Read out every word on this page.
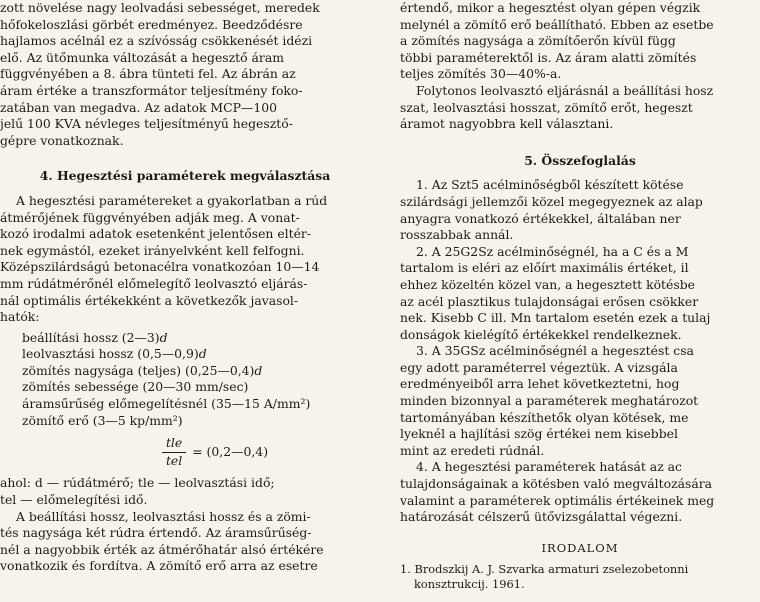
zott növelése nagy leolvadási sebességet, meredek
hőfokeloszlási görbét eredményez. Beedződésre
hajlamos acélnál ez a szívósság csökkenését idézi
elő. Az ütőmunka változását a hegesztő áram
függvényében a 8. ábra tünteti fel. Az ábrán az
áram értéke a transzformátor teljesítmény foko-
zatában van megadva. Az adatok MCP—100
jelű 100 KVA névleges teljesítményű hegesztő-
gépre vonatkoznak.

4. Hegesztési paraméterek megválasztása

A hegesztési paramétereket a gyakorlatban a rúd
átmérőjének függvényében adják meg. A vonat-
kozó irodalmi adatok esetenként jelentősen eltér-
nek egymástól, ezeket irányelvként kell felfogni.
Középszilárdságú betonacélra vonatkozóan 10—14
mm rúdátmérőnél előmelegítő leolvasztó eljárás-
nál optimális értékekként a következők javasol-
hatók:

beállítási hossz (2—3)d
leolvasztási hossz (0,5—0,9)d
zömítés nagysága (teljes) (0,25—0,4)d
zömítés sebessége (20—30 mm/sec)
áramsűrűség előmegelítésnél (35—15 A/mm²)
zömítő erő (3—5 kp/mm²)
$\frac{\text{tle}}{\text{tel}}$ = (0,2—0,4)

ahol: d — rúdátmérő; tle — leolvasztási idő;
tel — előmelegítési idő.

A beállítási hossz, leolvasztási hossz és a zömi-
tés nagysága két rúdra értendő. Az áramsűrűség-
nél a nagyobbik érték az átmérőhatár alsó értékére
vonatkozik és fordítva. A zömítő erő arra az esetre

értendő, mikor a hegesztést olyan gépen végzik
melynél a zömítő erő beállítható. Ebben az esetbe
a zömítés nagysága a zömítőerőn kívül függ
többi paraméterektől is. Az áram alatti zömítés
teljes zömítés 30—40%-a.

Folytonos leolvasztó eljárásnál a beállítási hosz
szat, leolvasztási hosszat, zömítő erőt, hegeszt
áramot nagyobbra kell választani.

5. Összefoglalás

1. Az Szt5 acélminőségből készített kötése
szilárdsági jellemzői közel megegyeznek az alap
anyagra vonatkozó értékekkel, általában ner
rosszabbak annál.

2. A 25G2Sz acélminőségnél, ha a C és a M
tartalom is eléri az előírt maximális értéket, il
ehhez közeltén közel van, a hegesztett kötésbe
az acél plasztikus tulajdonságai erősen csökker
nek. Kisebb C ill. Mn tartalom esetén ezek a tulaj
donságok kielégítő értékekkel rendelkeznek.

3. A 35GSz acélminőségnél a hegesztést csa
egy adott paraméterrel végeztük. A vizsgála
eredményeiből arra lehet következtetni, hog
minden bizonnyal a paraméterek meghatározot
tartományában készíthetők olyan kötések, me
lyeknél a hajlítási szög értékei nem kisebbel
mint az eredeti rúdnál.

4. A hegesztési paraméterek hatását az ac
tulajdonságainak a kötésben való megváltozására
valamint a paraméterek optimális értékeinek meg
határozását célszerű ütővizsgálattal végezni.

IRODALOM

1. Brodszkij A. J. Szvarka armaturi zselezobetonni
konsztrukcij. 1961.
